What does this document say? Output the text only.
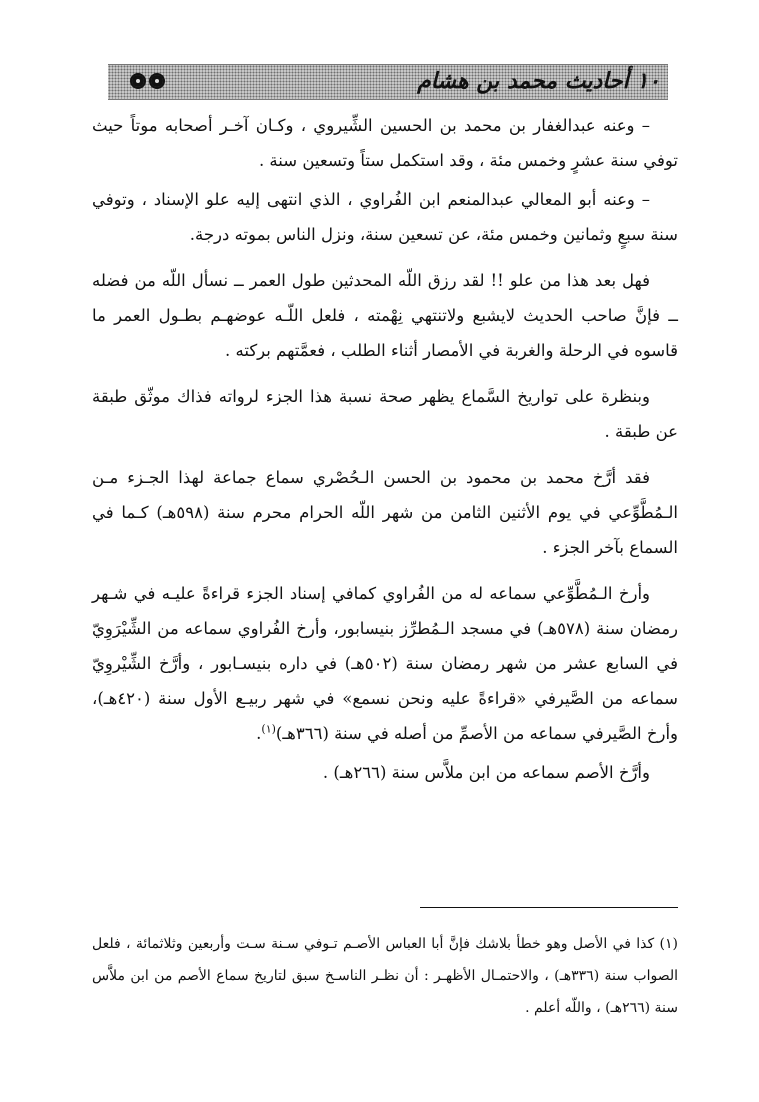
١٠ أحاديث محمد بن هشام

– وعنه عبدالغفار بن محمد بن الحسين الشِّيروي ، وكـان آخـر أصحابه موتاً حيث توفي سنة عشرٍ وخمس مئة ، وقد استكمل ستاً وتسعين سنة .

– وعنه أبو المعالي عبدالمنعم ابن الفُراوي ، الذي انتهى إليه علو الإسناد ، وتوفي سنة سبعٍ وثمانين وخمس مئة، عن تسعين سنة، ونزل الناس بموته درجة.

فهل بعد هذا من علو !! لقد رزق اللّه المحدثين طول العمر ــ نسأل اللّه من فضله ــ فإنَّ صاحب الحديث لايشبع ولاتنتهي نِهْمته ، فلعل اللّـه عوضهـم بطـول العمر ما قاسوه في الرحلة والغربة في الأمصار أثناء الطلب ، فعمَّتهم بركته .

وبنظرة على تواريخ السَّماع يظهر صحة نسبة هذا الجزء لرواته فذاك موثّق طبقة عن طبقة .

فقد أرَّخ محمد بن محمود بن الحسن الـحُصْري سماع جماعة لهذا الجـزء مـن الـمُطَّوِّعي في يوم الأثنين الثامن من شهر اللّه الحرام محرم سنة (٥٩٨هـ) كـما في السماع بآخر الجزء .

وأرخ الـمُطَّوِّعي سماعه له من الفُراوي كمافي إسناد الجزء قراءةً عليـه في شـهر رمضان سنة (٥٧٨هـ) في مسجد الـمُطرِّز بنيسابور، وأرخ الفُراوي سماعه من الشِّيْرَوِيّ في السابع عشر من شهر رمضان سنة (٥٠٢هـ) في داره بنيسـابور ، وأرَّخ الشِّيْروِيّ سماعه من الصَّيرفي «قراءةً عليه ونحن نسمع» في شهر ربيـع الأول سنة (٤٢٠هـ)، وأرخ الصَّيرفي سماعه من الأصمِّ من أصله في سنة (٣٦٦هـ)$^{(١)}$.

وأرَّخ الأصم سماعه من ابن ملاَّس سنة (٢٦٦هـ) .

(١) كذا في الأصل وهو خطأ بلاشك فإنَّ أبا العباس الأصـم تـوفي سـنة سـت وأربعين وثلاثمائة ، فلعل الصواب سنة (٣٣٦هـ) ، والاحتمـال الأظهـر : أن نظـر الناسـخ سبق لتاريخ سماع الأصم من ابن ملاَّس سنة (٢٦٦هـ) ، واللّه أعلم .
